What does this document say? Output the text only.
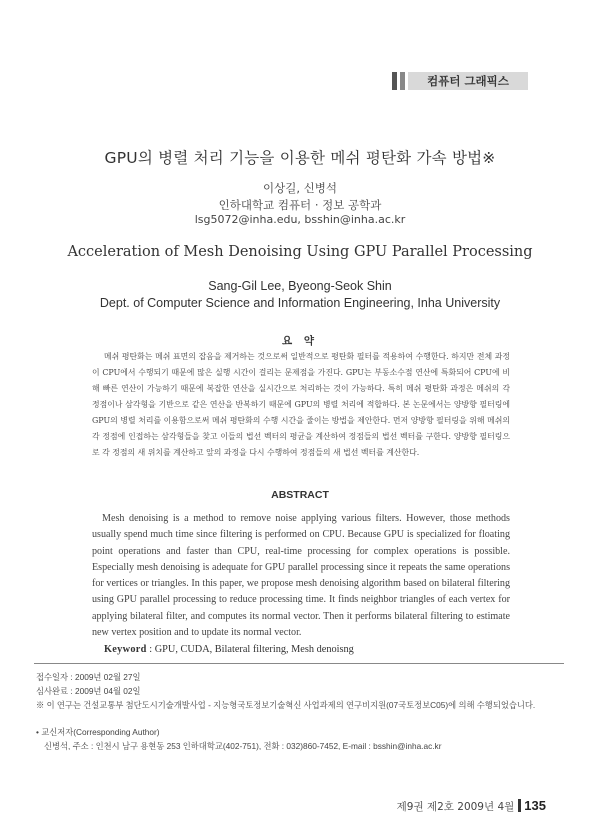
컴퓨터 그래픽스
GPU의 병렬 처리 기능을 이용한 메쉬 평탄화 가속 방법※
이상길, 신병석
인하대학교 컴퓨터 · 정보 공학과
lsg5072@inha.edu, bsshin@inha.ac.kr
Acceleration of Mesh Denoising Using GPU Parallel Processing
Sang-Gil Lee, Byeong-Seok Shin
Dept. of Computer Science and Information Engineering, Inha University
요 약
메쉬 평탄화는 메쉬 표면의 잡음을 제거하는 것으로써 일반적으로 평탄화 필터를 적용하여 수행한다. 하지만 전체 과정이 CPU에서 수행되기 때문에 많은 실행 시간이 걸리는 문제점을 가진다. GPU는 부동소수점 연산에 특화되어 CPU에 비해 빠른 연산이 가능하기 때문에 복잡한 연산을 실시간으로 처리하는 것이 가능하다. 특히 메쉬 평탄화 과정은 메쉬의 각 정점이나 삼각형을 기반으로 같은 연산을 반복하기 때문에 GPU의 병렬 처리에 적합하다. 본 논문에서는 양방향 필터링에 GPU의 병렬 처리를 이용함으로써 메쉬 평탄화의 수행 시간을 줄이는 방법을 제안한다. 먼저 양방향 필터링을 위해 메쉬의 각 정점에 인접하는 삼각형들을 찾고 이들의 법선 벡터의 평균을 계산하여 정점들의 법선 벡터를 구한다. 양방향 필터링으로 각 정점의 새 위치를 계산하고 앞의 과정을 다시 수행하여 정점들의 새 법선 벡터를 계산한다.
ABSTRACT
Mesh denoising is a method to remove noise applying various filters. However, those methods usually spend much time since filtering is performed on CPU. Because GPU is specialized for floating point operations and faster than CPU, real-time processing for complex operations is possible. Especially mesh denoising is adequate for GPU parallel processing since it repeats the same operations for vertices or triangles. In this paper, we propose mesh denoising algorithm based on bilateral filtering using GPU parallel processing to reduce processing time. It finds neighbor triangles of each vertex for applying bilateral filter, and computes its normal vector. Then it performs bilateral filtering to estimate new vertex position and to update its normal vector.
Keyword : GPU, CUDA, Bilateral filtering, Mesh denoisng
접수일자 : 2009년 02월 27일
심사완료 : 2009년 04월 02일
※ 이 연구는 건설교통부 첨단도시기술개발사업 - 지능형국토정보기술혁신 사업과제의 연구비지원(07국토정보C05)에 의해 수행되었습니다.
• 교신저자(Corresponding Author)
신병석, 주소 : 인천시 남구 용현동 253 인하대학교(402-751), 전화 : 032)860-7452, E-mail : bsshin@inha.ac.kr
제9권 제2호 2009년 4월 135
